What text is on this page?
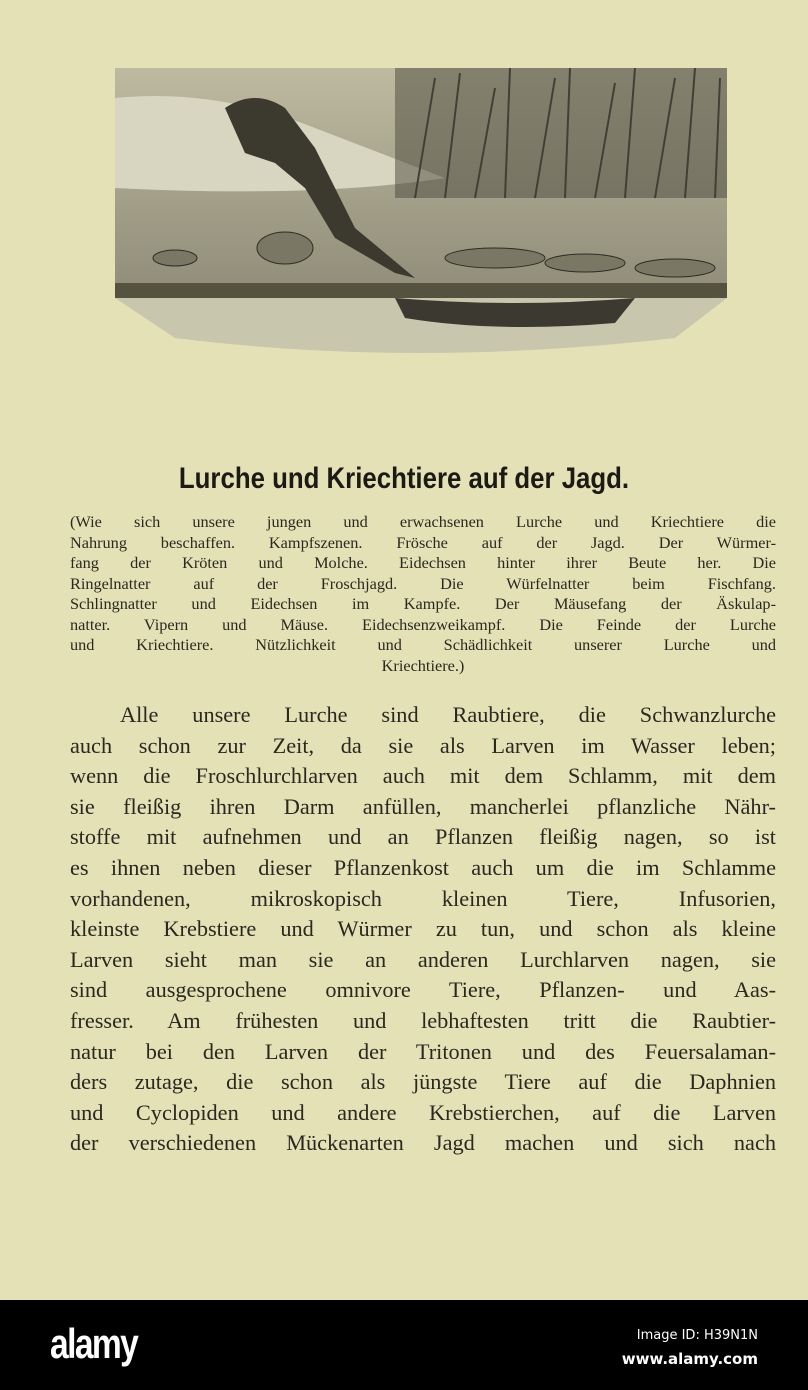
Lurche und Kriechtiere auf der Jagd.
(Wie sich unsere jungen und erwachsenen Lurche und Kriechtiere die
Nahrung beschaffen. Kampfszenen. Frösche auf der Jagd. Der Würmer-
fang der Kröten und Molche. Eidechsen hinter ihrer Beute her. Die
Ringelnatter auf der Froschjagd. Die Würfelnatter beim Fischfang.
Schlingnatter und Eidechsen im Kampfe. Der Mäusefang der Äskulap-
natter. Vipern und Mäuse. Eidechsenzweikampf. Die Feinde der Lurche
und Kriechtiere. Nützlichkeit und Schädlichkeit unserer Lurche und
Kriechtiere.)
Alle unsere Lurche sind Raubtiere, die Schwanzlurche
auch schon zur Zeit, da sie als Larven im Wasser leben;
wenn die Froschlurchlarven auch mit dem Schlamm, mit dem
sie fleißig ihren Darm anfüllen, mancherlei pflanzliche Nähr-
stoffe mit aufnehmen und an Pflanzen fleißig nagen, so ist
es ihnen neben dieser Pflanzenkost auch um die im Schlamme
vorhandenen, mikroskopisch kleinen Tiere, Infusorien,
kleinste Krebstiere und Würmer zu tun, und schon als kleine
Larven sieht man sie an anderen Lurchlarven nagen, sie
sind ausgesprochene omnivore Tiere, Pflanzen- und Aas-
fresser. Am frühesten und lebhaftesten tritt die Raubtier-
natur bei den Larven der Tritonen und des Feuersalaman-
ders zutage, die schon als jüngste Tiere auf die Daphnien
und Cyclopiden und andere Krebstierchen, auf die Larven
der verschiedenen Mückenarten Jagd machen und sich nach
alamy	Image ID: H39N1N
www.alamy.com
